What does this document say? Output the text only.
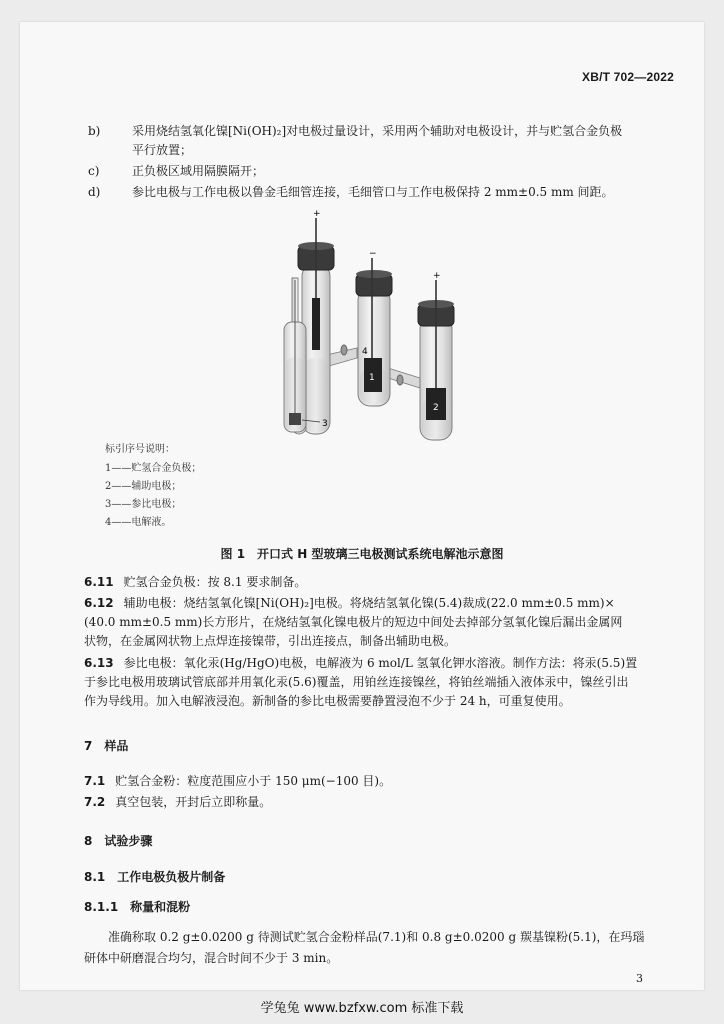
XB/T 702—2022
b)	采用烧结氢氧化镍[Ni(OH)₂]对电极过量设计，采用两个辅助对电极设计，并与贮氢合金负极
平行放置；
c)	正负极区域用隔膜隔开；
d)	参比电极与工作电极以鲁金毛细管连接，毛细管口与工作电极保持 2 mm±0.5 mm 间距。
+
−
+
1
2
3
4
标引序号说明：
1——贮氢合金负极；
2——辅助电极；
3——参比电极；
4——电解液。
图 1　开口式 H 型玻璃三电极测试系统电解池示意图
6.11 贮氢合金负极：按 8.1 要求制备。
6.12 辅助电极：烧结氢氧化镍[Ni(OH)₂]电极。将烧结氢氧化镍(5.4)裁成(22.0 mm±0.5 mm)×
(40.0 mm±0.5 mm)长方形片，在烧结氢氧化镍电极片的短边中间处去掉部分氢氧化镍后漏出金属网
状物，在金属网状物上点焊连接镍带，引出连接点，制备出辅助电极。
6.13 参比电极：氧化汞(Hg/HgO)电极，电解液为 6 mol/L 氢氧化钾水溶液。制作方法：将汞(5.5)置
于参比电极用玻璃试管底部并用氧化汞(5.6)覆盖，用铂丝连接镍丝，将铂丝端插入液体汞中，镍丝引出
作为导线用。加入电解液浸泡。新制备的参比电极需要静置浸泡不少于 24 h，可重复使用。
7 样品
7.1 贮氢合金粉：粒度范围应小于 150 μm(−100 目)。
7.2 真空包装，开封后立即称量。
8 试验步骤
8.1 工作电极负极片制备
8.1.1 称量和混粉
准确称取 0.2 g±0.0200 g 待测试贮氢合金粉样品(7.1)和 0.8 g±0.0200 g 羰基镍粉(5.1)，在玛瑙
研体中研磨混合均匀，混合时间不少于 3 min。
3
学兔兔 www.bzfxw.com 标准下载
